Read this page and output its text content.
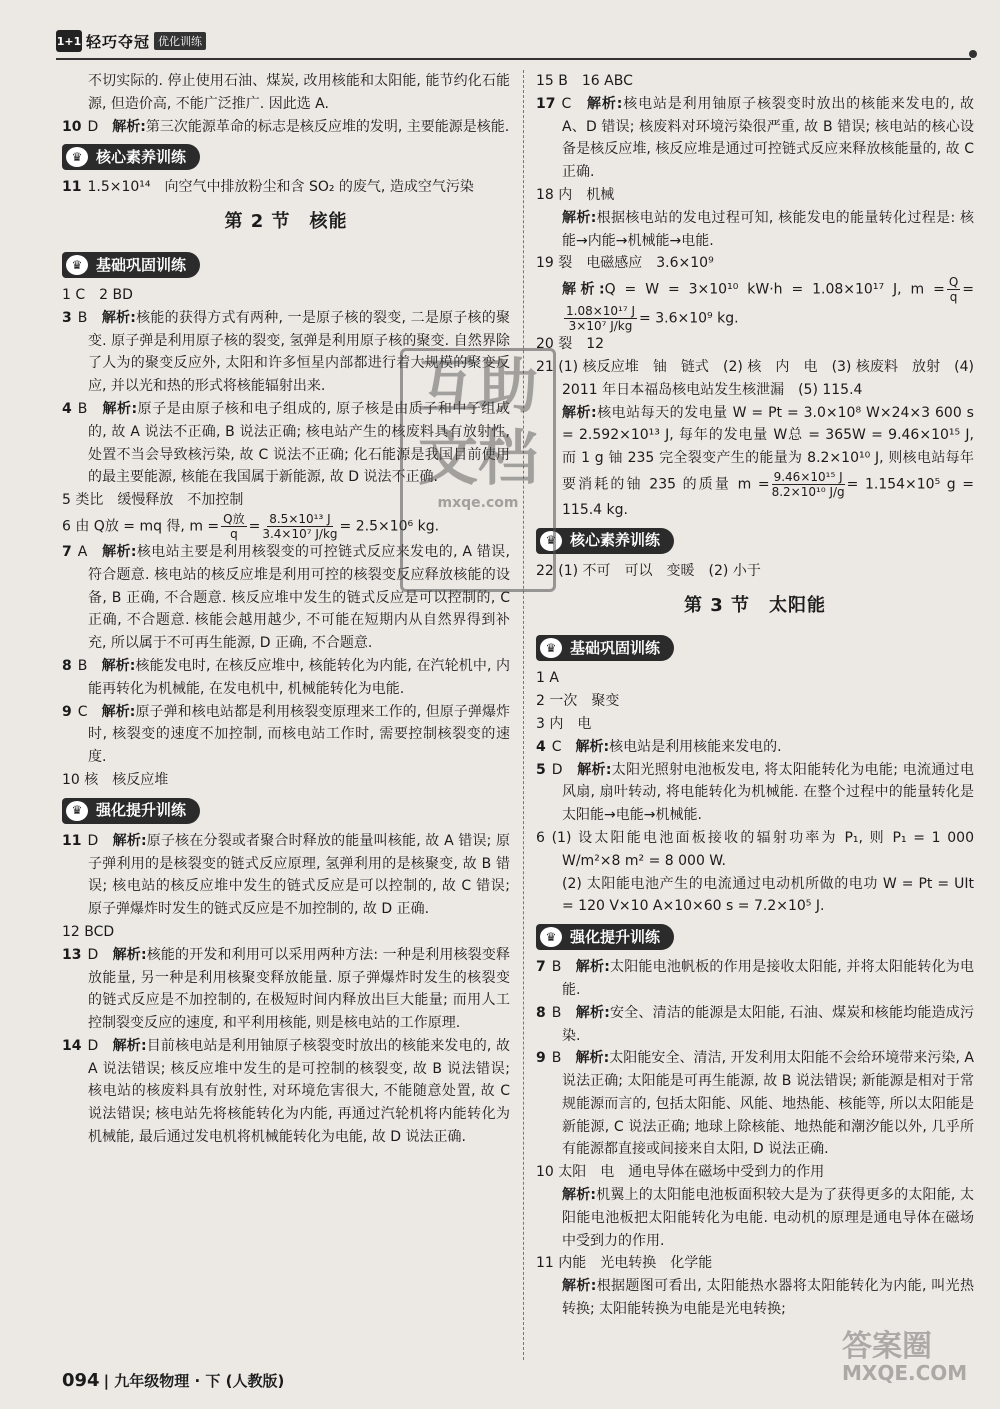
1+1 轻巧夺冠 优化训练

不切实际的. 停止使用石油、煤炭, 改用核能和太阳能, 能节约化石能源, 但造价高, 不能广泛推广. 因此选 A.

10 D　 解析:第三次能源革命的标志是核反应堆的发明, 主要能源是核能.

♛ 核心素养训练

11 1.5×10¹⁴　向空气中排放粉尘和含 SO₂ 的废气, 造成空气污染

第 2 节　核能
♛ 基础巩固训练

1 C　2 BD

3 B　 解析:核能的获得方式有两种, 一是原子核的裂变, 二是原子核的聚变. 原子弹是利用原子核的裂变, 氢弹是利用原子核的聚变. 自然界除了人为的聚变反应外, 太阳和许多恒星内部都进行着大规模的聚变反应, 并以光和热的形式将核能辐射出来.

4 B　 解析:原子是由原子核和电子组成的, 原子核是由质子和中子组成的, 故 A 说法不正确, B 说法正确; 核电站产生的核废料具有放射性, 处置不当会导致核污染, 故 C 说法不正确; 化石能源是我国目前使用的最主要能源, 核能在我国属于新能源, 故 D 说法不正确.

5 类比　缓慢释放　不加控制

6 由 Q放 = mq 得, $m = \frac{\text{Q放}}{q} = \frac{\text{8.5×10¹³ J}}{\text{3.4×10⁷ J/kg}} = 2.5\times 10^6$ kg.

7 A　 解析:核电站主要是利用核裂变的可控链式反应来发电的, A 错误, 符合题意. 核电站的核反应堆是利用可控的核裂变反应释放核能的设备, B 正确, 不合题意. 核反应堆中发生的链式反应是可以控制的, C 正确, 不合题意. 核能会越用越少, 不可能在短期内从自然界得到补充, 所以属于不可再生能源, D 正确, 不合题意.

8 B　 解析:核能发电时, 在核反应堆中, 核能转化为内能, 在汽轮机中, 内能再转化为机械能, 在发电机中, 机械能转化为电能.

9 C　 解析:原子弹和核电站都是利用核裂变原理来工作的, 但原子弹爆炸时, 核裂变的速度不加控制, 而核电站工作时, 需要控制核裂变的速度.

10 核　核反应堆

♛ 强化提升训练

11 D　 解析:原子核在分裂或者聚合时释放的能量叫核能, 故 A 错误; 原子弹利用的是核裂变的链式反应原理, 氢弹利用的是核聚变, 故 B 错误; 核电站的核反应堆中发生的链式反应是可以控制的, 故 C 错误; 原子弹爆炸时发生的链式反应是不加控制的, 故 D 正确.

12 BCD

13 D　 解析:核能的开发和利用可以采用两种方法: 一种是利用核裂变释放能量, 另一种是利用核聚变释放能量. 原子弹爆炸时发生的核裂变的链式反应是不加控制的, 在极短时间内释放出巨大能量; 而用人工控制裂变反应的速度, 和平利用核能, 则是核电站的工作原理.

14 D　 解析:目前核电站是利用铀原子核裂变时放出的核能来发电的, 故 A 说法错误; 核反应堆中发生的是可控制的核裂变, 故 B 说法错误; 核电站的核废料具有放射性, 对环境危害很大, 不能随意处置, 故 C 说法错误; 核电站先将核能转化为内能, 再通过汽轮机将内能转化为机械能, 最后通过发电机将机械能转化为电能, 故 D 说法正确.

15 B　16 ABC

17 C　 解析:核电站是利用铀原子核裂变时放出的核能来发电的, 故 A、D 错误; 核废料对环境污染很严重, 故 B 错误; 核电站的核心设备是核反应堆, 核反应堆是通过可控链式反应来释放核能量的, 故 C 正确.

18 内　机械

解析:根据核电站的发电过程可知, 核能发电的能量转化过程是: 核能→内能→机械能→电能.

19 裂　电磁感应　3.6×10⁹

解析:Q = W = 3×10¹⁰ kW·h = 1.08×10¹⁷ J, $m = \frac{Q}{q}$ =
$\frac{\text{1.08×10¹⁷ J}}{\text{3×10⁷ J/kg}} = 3.6\times 10^9$ kg.

20 裂　12

21 (1) 核反应堆　铀　链式　(2) 核　内　电　(3) 核废料　放射　(4) 2011 年日本福岛核电站发生核泄漏　(5) 115.4

解析:核电站每天的发电量 W = Pt = 3.0×10⁸ W×24×3 600 s = 2.592×10¹³ J, 每年的发电量 W总 = 365W = 9.46×10¹⁵ J, 而 1 g 铀 235 完全裂变产生的能量为 8.2×10¹⁰ J, 则核电站每年要消耗的铀 235 的质量 $m = \frac{\text{9.46×10¹⁵ J}}{\text{8.2×10¹⁰ J/g}} = 1.154\times 10^5$ g = 115.4 kg.

♛ 核心素养训练

22 (1) 不可　可以　变暖　(2) 小于

第 3 节　太阳能
♛ 基础巩固训练

1 A

2 一次　聚变

3 内　电

4 C　 解析:核电站是利用核能来发电的.

5 D　 解析:太阳光照射电池板发电, 将太阳能转化为电能; 电流通过电风扇, 扇叶转动, 将电能转化为机械能. 在整个过程中的能量转化是太阳能→电能→机械能.

6 (1) 设太阳能电池面板接收的辐射功率为 P₁, 则 P₁ = 1 000 W/m²×8 m² = 8 000 W.

(2) 太阳能电池产生的电流通过电动机所做的电功 W = Pt = UIt = 120 V×10 A×10×60 s = 7.2×10⁵ J.

♛ 强化提升训练

7 B　 解析:太阳能电池帆板的作用是接收太阳能, 并将太阳能转化为电能.

8 B　 解析:安全、清洁的能源是太阳能, 石油、煤炭和核能均能造成污染.

9 B　 解析:太阳能安全、清洁, 开发利用太阳能不会给环境带来污染, A 说法正确; 太阳能是可再生能源, 故 B 说法错误; 新能源是相对于常规能源而言的, 包括太阳能、风能、地热能、核能等, 所以太阳能是新能源, C 说法正确; 地球上除核能、地热能和潮汐能以外, 几乎所有能源都直接或间接来自太阳, D 说法正确.

10 太阳　电　通电导体在磁场中受到力的作用

解析:机翼上的太阳能电池板面积较大是为了获得更多的太阳能, 太阳能电池板把太阳能转化为电能. 电动机的原理是通电导体在磁场中受到力的作用.

11 内能　光电转换　化学能

解析:根据题图可看出, 太阳能热水器将太阳能转化为内能, 叫光热转换; 太阳能转换为电能是光电转换;

互助文档
mxqe.com
答案圈
MXQE.COM
094 | 九年级物理 · 下 (人教版)
